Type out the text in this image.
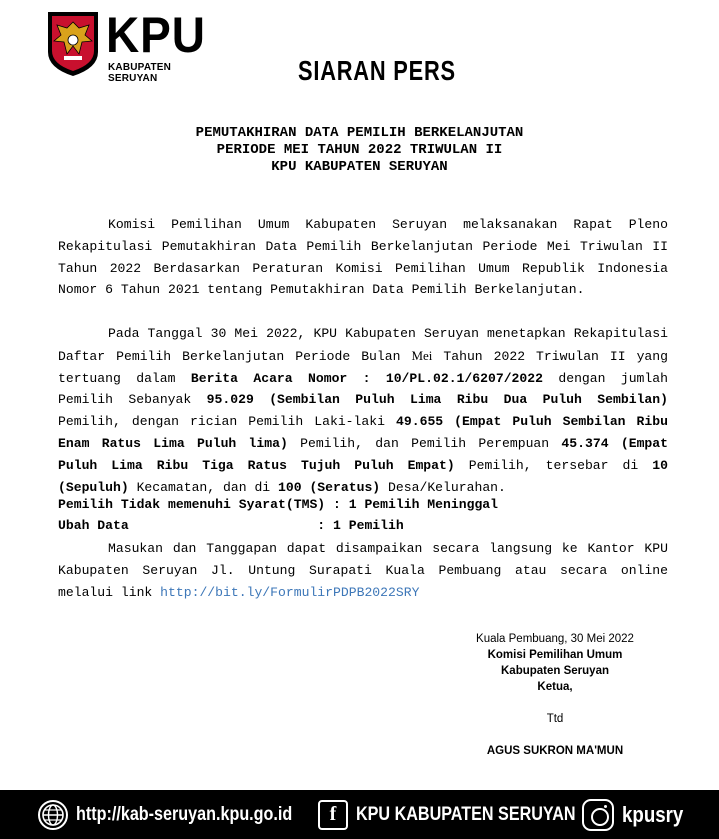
KPU
KABUPATEN SERUYAN	SIARAN PERS
PEMUTAKHIRAN DATA PEMILIH BERKELANJUTAN
PERIODE MEI TAHUN 2022 TRIWULAN II
KPU KABUPATEN SERUYAN

Komisi Pemilihan Umum Kabupaten Seruyan melaksanakan Rapat Pleno Rekapitulasi Pemutakhiran Data Pemilih Berkelanjutan Periode Mei Triwulan II Tahun 2022 Berdasarkan Peraturan Komisi Pemilihan Umum Republik Indonesia Nomor 6 Tahun 2021 tentang Pemutakhiran Data Pemilih Berkelanjutan.

Pada Tanggal 30 Mei 2022, KPU Kabupaten Seruyan menetapkan Rekapitulasi Daftar Pemilih Berkelanjutan Periode Bulan Mei Tahun 2022 Triwulan II yang tertuang dalam Berita Acara Nomor : 10/PL.02.1/6207/2022 dengan jumlah Pemilih Sebanyak 95.029 (Sembilan Puluh Lima Ribu Dua Puluh Sembilan) Pemilih, dengan rician Pemilih Laki-laki 49.655 (Empat Puluh Sembilan Ribu Enam Ratus Lima Puluh lima) Pemilih, dan Pemilih Perempuan 45.374 (Empat Puluh Lima Ribu Tiga Ratus Tujuh Puluh Empat) Pemilih, tersebar di 10 (Sepuluh) Kecamatan, dan di 100 (Seratus) Desa/Kelurahan.

Pemilih Tidak memenuhi Syarat(TMS) : 1 Pemilih Meninggal
Ubah Data                        : 1 Pemilih

Masukan dan Tanggapan dapat disampaikan secara langsung ke Kantor KPU Kabupaten Seruyan Jl. Untung Surapati Kuala Pembuang atau secara online melalui link http://bit.ly/FormulirPDPB2022SRY

Kuala Pembuang, 30 Mei 2022
Komisi Pemilihan Umum
Kabupaten Seruyan
Ketua,
Ttd
AGUS SUKRON MA'MUN
http://kab-seruyan.kpu.go.id	f	KPU KABUPATEN SERUYAN kpusry
